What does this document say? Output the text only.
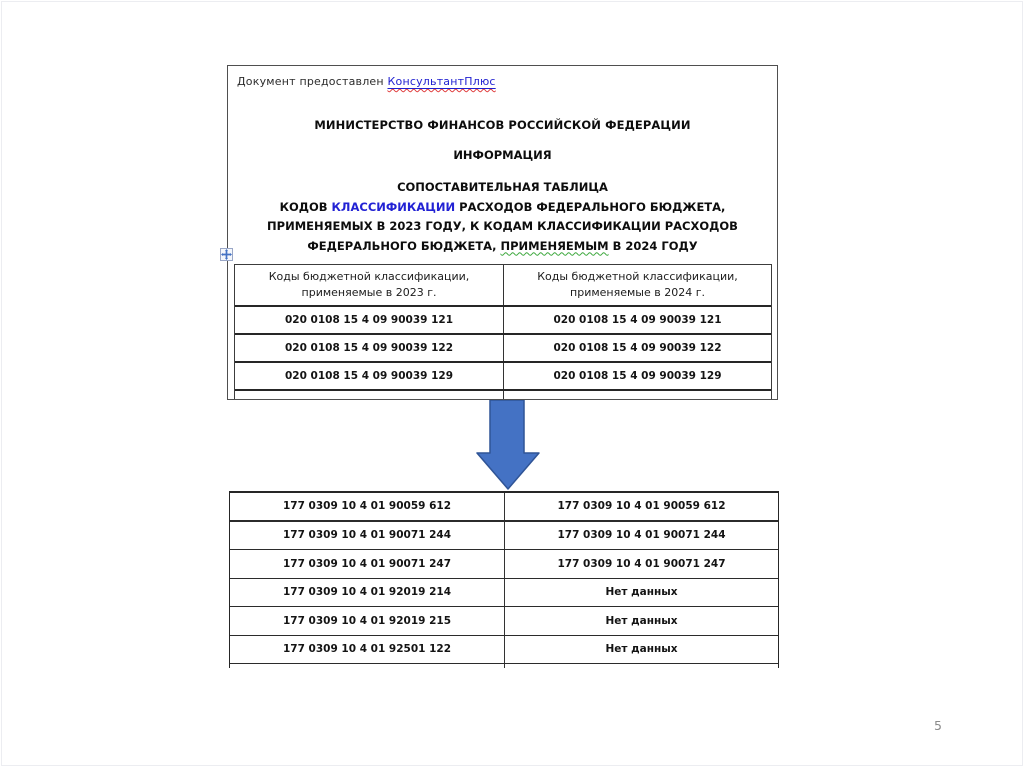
Документ предоставлен КонсультантПлюс
МИНИСТЕРСТВО ФИНАНСОВ РОССИЙСКОЙ ФЕДЕРАЦИИ
ИНФОРМАЦИЯ
СОПОСТАВИТЕЛЬНАЯ ТАБЛИЦА
КОДОВ КЛАССИФИКАЦИИ РАСХОДОВ ФЕДЕРАЛЬНОГО БЮДЖЕТА,
ПРИМЕНЯЕМЫХ В 2023 ГОДУ, К КОДАМ КЛАССИФИКАЦИИ РАСХОДОВ
ФЕДЕРАЛЬНОГО БЮДЖЕТА, ПРИМЕНЯЕМЫМ В 2024 ГОДУ
Коды бюджетной классификации,
применяемые в 2023 г.
Коды бюджетной классификации,
применяемые в 2024 г.
020 0108 15 4 09 90039 121	020 0108 15 4 09 90039 121
020 0108 15 4 09 90039 122	020 0108 15 4 09 90039 122
020 0108 15 4 09 90039 129	020 0108 15 4 09 90039 129
177 0309 10 4 01 90059 612	177 0309 10 4 01 90059 612
177 0309 10 4 01 90071 244	177 0309 10 4 01 90071 244
177 0309 10 4 01 90071 247	177 0309 10 4 01 90071 247
177 0309 10 4 01 92019 214	Нет данных
177 0309 10 4 01 92019 215	Нет данных
177 0309 10 4 01 92501 122	Нет данных
5
